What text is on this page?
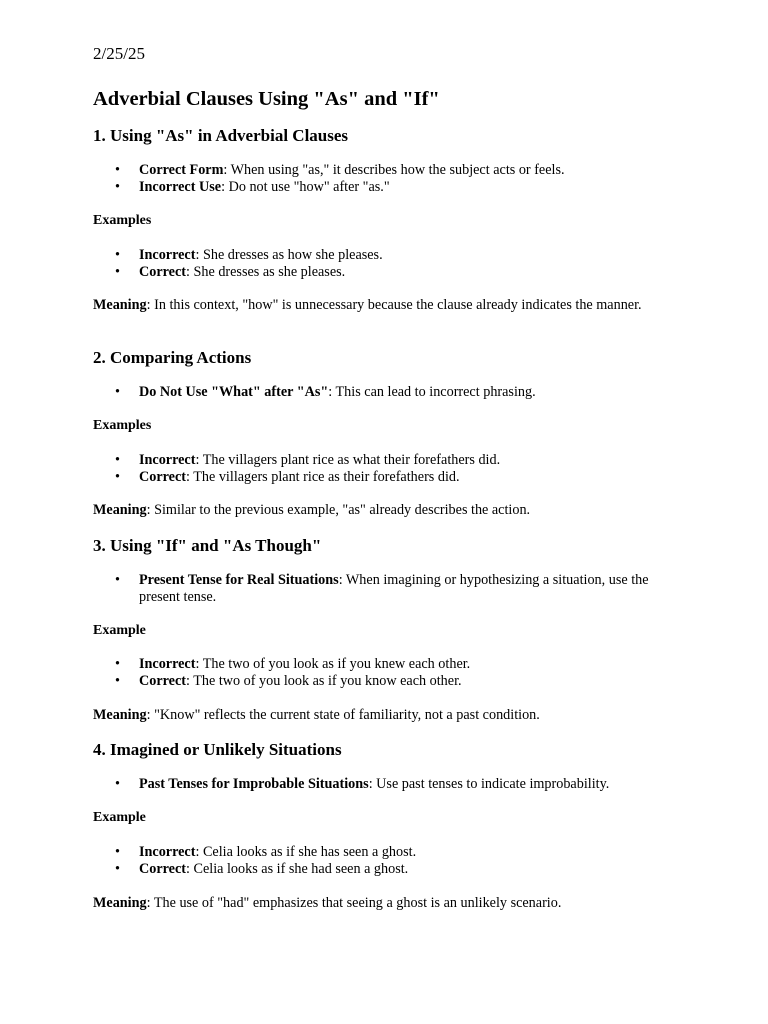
2/25/25
Adverbial Clauses Using "As" and "If"
1. Using "As" in Adverbial Clauses
• Correct Form: When using "as," it describes how the subject acts or feels.
• Incorrect Use: Do not use "how" after "as."
Examples
• Incorrect: She dresses as how she pleases.
• Correct: She dresses as she pleases.

Meaning: In this context, "how" is unnecessary because the clause already indicates the manner.

2. Comparing Actions
• Do Not Use "What" after "As": This can lead to incorrect phrasing.
Examples
• Incorrect: The villagers plant rice as what their forefathers did.
• Correct: The villagers plant rice as their forefathers did.

Meaning: Similar to the previous example, "as" already describes the action.

3. Using "If" and "As Though"
• Present Tense for Real Situations: When imagining or hypothesizing a situation, use the present tense.
Example
• Incorrect: The two of you look as if you knew each other.
• Correct: The two of you look as if you know each other.

Meaning: "Know" reflects the current state of familiarity, not a past condition.

4. Imagined or Unlikely Situations
• Past Tenses for Improbable Situations: Use past tenses to indicate improbability.
Example
• Incorrect: Celia looks as if she has seen a ghost.
• Correct: Celia looks as if she had seen a ghost.

Meaning: The use of "had" emphasizes that seeing a ghost is an unlikely scenario.
